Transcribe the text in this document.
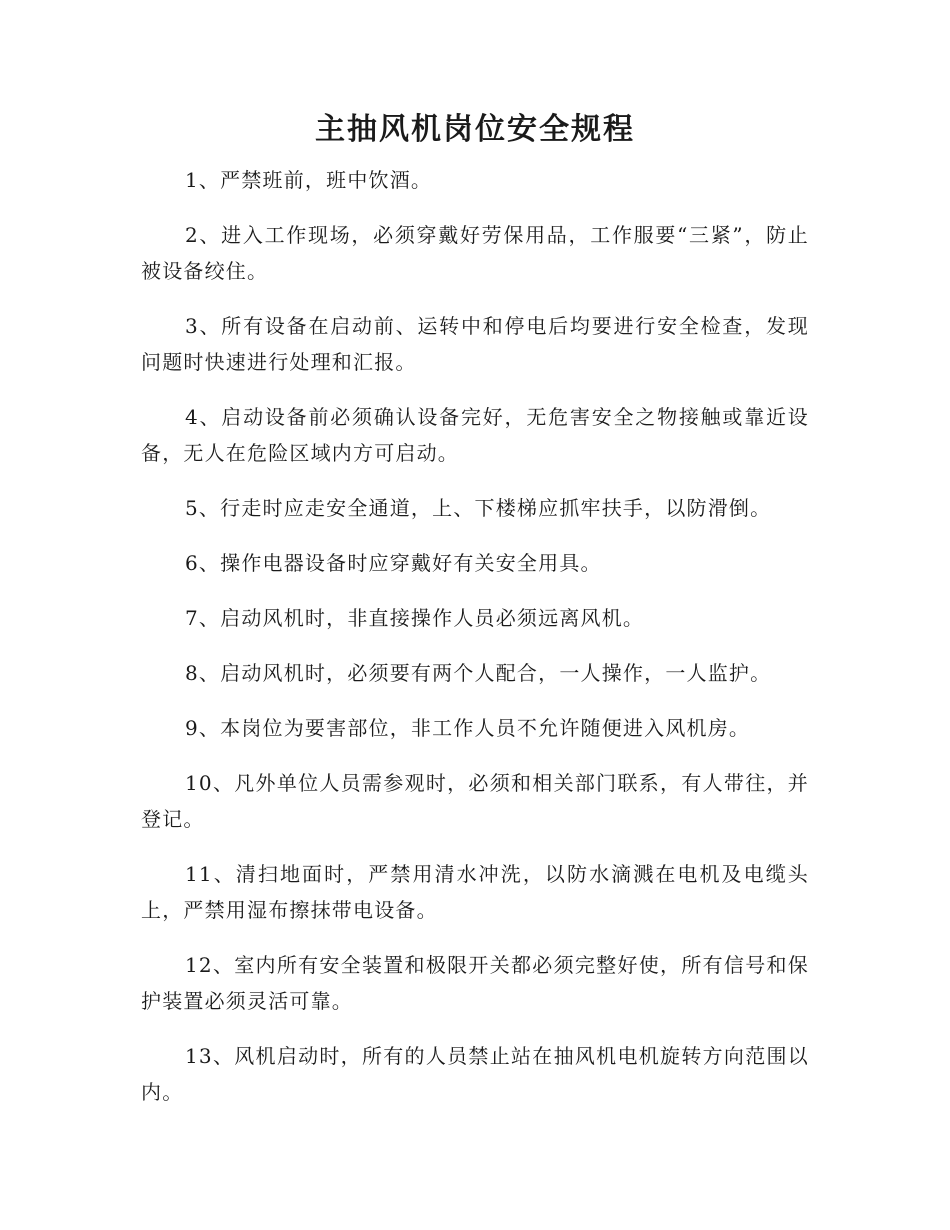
主抽风机岗位安全规程

1、严禁班前，班中饮酒。

2、进入工作现场，必须穿戴好劳保用品，工作服要“三紧”，防止被设备绞住。

3、所有设备在启动前、运转中和停电后均要进行安全检查，发现问题时快速进行处理和汇报。

4、启动设备前必须确认设备完好，无危害安全之物接触或靠近设备，无人在危险区域内方可启动。

5、行走时应走安全通道，上、下楼梯应抓牢扶手，以防滑倒。

6、操作电器设备时应穿戴好有关安全用具。

7、启动风机时，非直接操作人员必须远离风机。

8、启动风机时，必须要有两个人配合，一人操作，一人监护。

9、本岗位为要害部位，非工作人员不允许随便进入风机房。

10、凡外单位人员需参观时，必须和相关部门联系，有人带往，并登记。

11、清扫地面时，严禁用清水冲洗，以防水滴溅在电机及电缆头上，严禁用湿布擦抹带电设备。

12、室内所有安全装置和极限开关都必须完整好使，所有信号和保护装置必须灵活可靠。

13、风机启动时，所有的人员禁止站在抽风机电机旋转方向范围以内。
